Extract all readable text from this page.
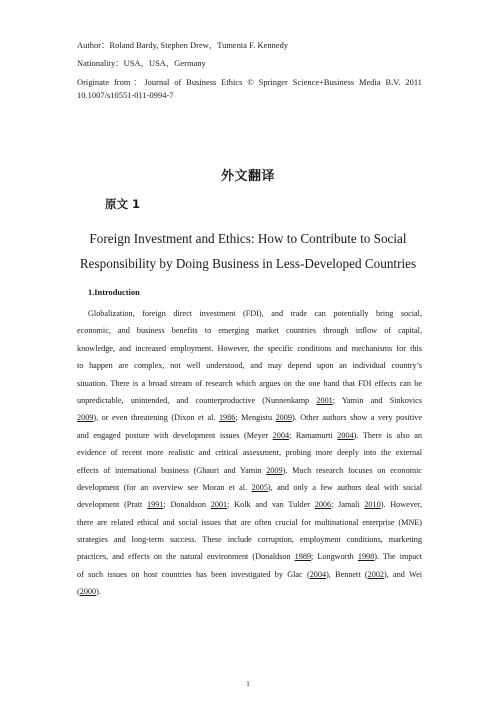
Author：Roland Bardy, Stephen Drew，Tumenta F. Kennedy
Nationality：USA，USA，Germany
Originate from：Journal of Business Ethics © Springer Science+Business Media B.V. 2011
10.1007/s10551-011-0994-7
外文翻译
原文 1
Foreign Investment and Ethics: How to Contribute to Social
Responsibility by Doing Business in Less-Developed Countries
1.Introduction
Globalization, foreign direct investment (FDI), and trade can potentially bring social,
economic, and business benefits to emerging market countries through inflow of capital,
knowledge, and increased employment. However, the specific conditions and mechanisms for this
to happen are complex, not well understood, and may depend upon an individual country’s
situation. There is a broad stream of research which argues on the one hand that FDI effects can be
unpredictable, unintended, and counterproductive (Nunnenkamp 2001; Yamin and Sinkovics
2009), or even threatening (Dixon et al. 1986; Mengistu 2009). Other authors show a very positive
and engaged posture with development issues (Meyer 2004; Ramamurti 2004). There is also an
evidence of recent more realistic and critical assessment, probing more deeply into the external
effects of international business (Ghauri and Yamin 2009). Much research focuses on economic
development (for an overview see Moran et al. 2005), and only a few authors deal with social
development (Pratt 1991; Donaldson 2001; Kolk and van Tulder 2006; Jamali 2010). However,
there are related ethical and social issues that are often crucial for multinational enterprise (MNE)
strategies and long-term success. These include corruption, employment conditions, marketing
practices, and effects on the natural environment (Donaldson 1989; Longworth 1998). The impact
of such issues on host countries has been investigated by Glac (2004), Bennett (2002), and Wei
(2000).
1
